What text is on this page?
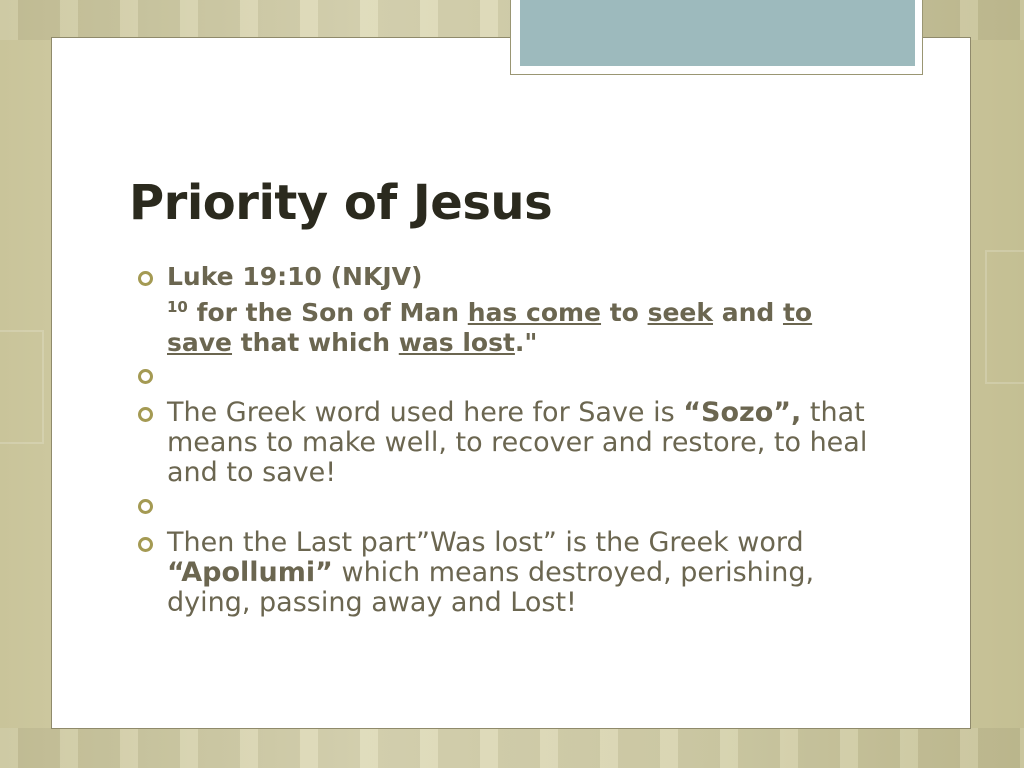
Priority of Jesus
Luke 19:10 (NKJV)
$^{10}$ for the Son of Man has come to seek and to save that which was lost."
The Greek word used here for Save is “Sozo”, that means to make well, to recover and restore, to heal and to save!
Then the Last part”Was lost” is the Greek word “Apollumi” which means destroyed, perishing, dying, passing away and Lost!
